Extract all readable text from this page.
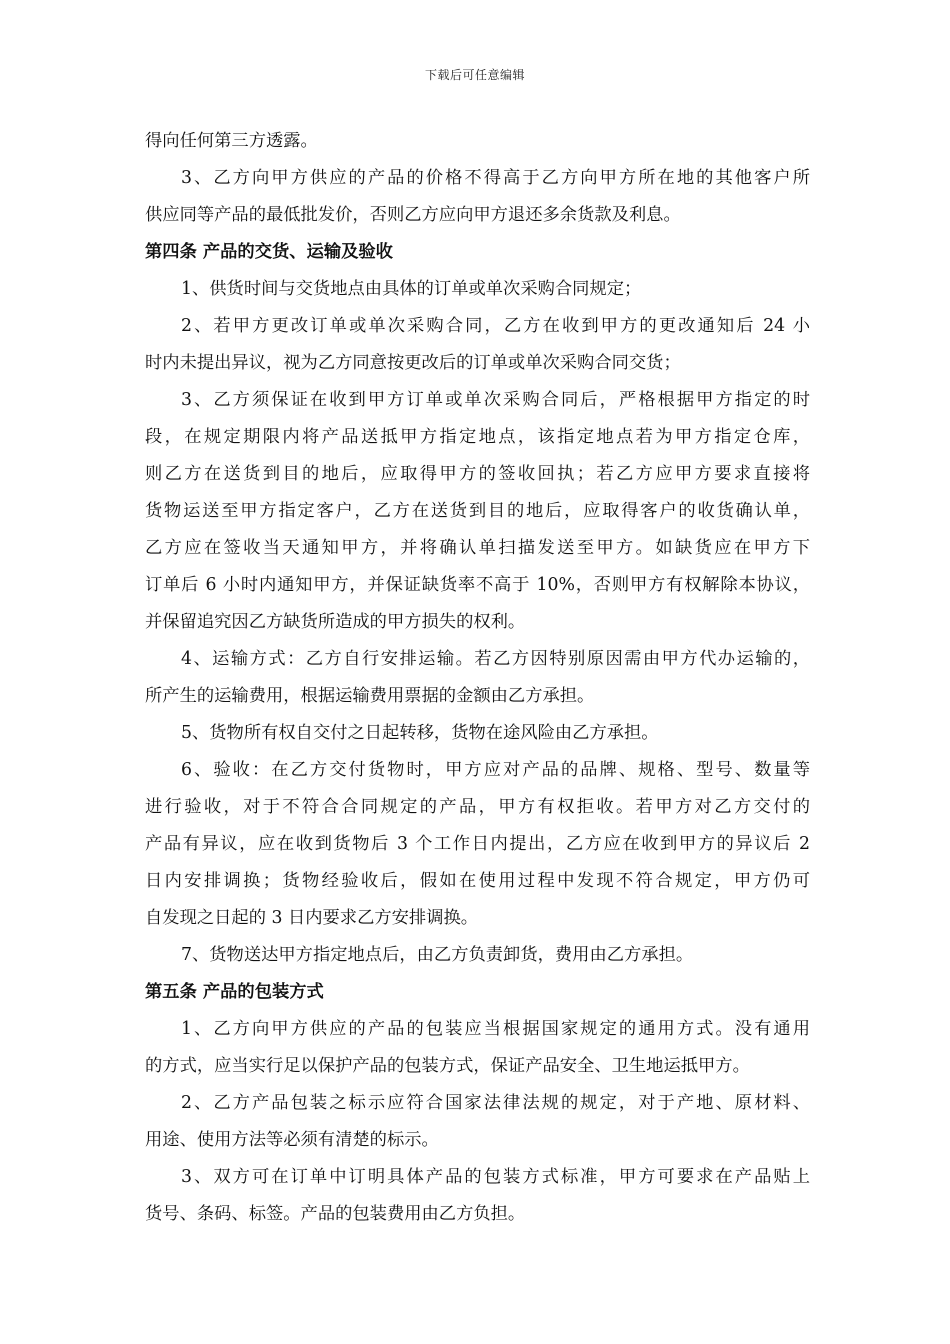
下载后可任意编辑
得向任何第三方透露。
3、乙方向甲方供应的产品的价格不得高于乙方向甲方所在地的其他客户所
供应同等产品的最低批发价，否则乙方应向甲方退还多余货款及利息。
第四条 产品的交货、运输及验收
1、供货时间与交货地点由具体的订单或单次采购合同规定；
2、若甲方更改订单或单次采购合同，乙方在收到甲方的更改通知后 24 小
时内未提出异议，视为乙方同意按更改后的订单或单次采购合同交货；
3、乙方须保证在收到甲方订单或单次采购合同后，严格根据甲方指定的时
段，在规定期限内将产品送抵甲方指定地点，该指定地点若为甲方指定仓库，
则乙方在送货到目的地后，应取得甲方的签收回执；若乙方应甲方要求直接将
货物运送至甲方指定客户，乙方在送货到目的地后，应取得客户的收货确认单，
乙方应在签收当天通知甲方，并将确认单扫描发送至甲方。如缺货应在甲方下
订单后 6 小时内通知甲方，并保证缺货率不高于 10%，否则甲方有权解除本协议，
并保留追究因乙方缺货所造成的甲方损失的权利。
4、运输方式：乙方自行安排运输。若乙方因特别原因需由甲方代办运输的，
所产生的运输费用，根据运输费用票据的金额由乙方承担。
5、货物所有权自交付之日起转移，货物在途风险由乙方承担。
6、验收：在乙方交付货物时，甲方应对产品的品牌、规格、型号、数量等
进行验收，对于不符合合同规定的产品，甲方有权拒收。若甲方对乙方交付的
产品有异议，应在收到货物后 3 个工作日内提出，乙方应在收到甲方的异议后 2
日内安排调换；货物经验收后，假如在使用过程中发现不符合规定，甲方仍可
自发现之日起的 3 日内要求乙方安排调换。
7、货物送达甲方指定地点后，由乙方负责卸货，费用由乙方承担。
第五条 产品的包装方式
1、乙方向甲方供应的产品的包装应当根据国家规定的通用方式。没有通用
的方式，应当实行足以保护产品的包装方式，保证产品安全、卫生地运抵甲方。
2、乙方产品包装之标示应符合国家法律法规的规定，对于产地、原材料、
用途、使用方法等必须有清楚的标示。
3、双方可在订单中订明具体产品的包装方式标准，甲方可要求在产品贴上
货号、条码、标签。产品的包装费用由乙方负担。
